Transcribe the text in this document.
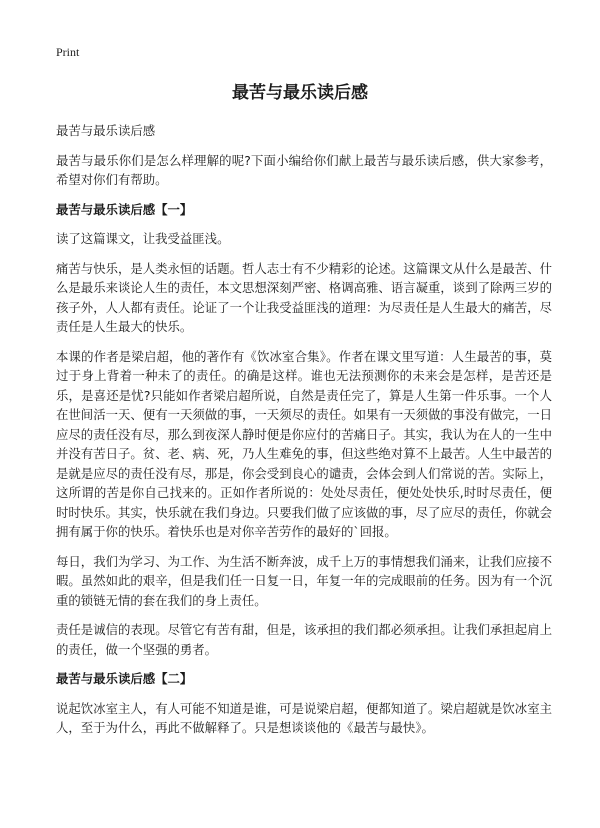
Print
最苦与最乐读后感

最苦与最乐读后感

最苦与最乐你们是怎么样理解的呢?下面小编给你们献上最苦与最乐读后感，供大家参考，希望对你们有帮助。

最苦与最乐读后感【一】

读了这篇课文，让我受益匪浅。

痛苦与快乐，是人类永恒的话题。哲人志士有不少精彩的论述。这篇课文从什么是最苦、什么是最乐来谈论人生的责任，本文思想深刻严密、格调高雅、语言凝重，谈到了除两三岁的孩子外，人人都有责任。论证了一个让我受益匪浅的道理：为尽责任是人生最大的痛苦，尽责任是人生最大的快乐。

本课的作者是梁启超，他的著作有《饮冰室合集》。作者在课文里写道：人生最苦的事，莫过于身上背着一种未了的责任。的确是这样。谁也无法预测你的未来会是怎样，是苦还是乐，是喜还是忧?只能如作者梁启超所说，自然是责任完了，算是人生第一件乐事。一个人在世间活一天、便有一天须做的事，一天须尽的责任。如果有一天须做的事没有做完，一日应尽的责任没有尽，那么到夜深人静时便是你应付的苦痛日子。其实，我认为在人的一生中并没有苦日子。贫、老、病、死，乃人生难免的事，但这些绝对算不上最苦。人生中最苦的是就是应尽的责任没有尽，那是，你会受到良心的谴责，会体会到人们常说的苦。实际上，这所谓的苦是你自己找来的。正如作者所说的：处处尽责任，便处处快乐,时时尽责任，便时时快乐。其实，快乐就在我们身边。只要我们做了应该做的事，尽了应尽的责任，你就会拥有属于你的快乐。着快乐也是对你辛苦劳作的最好的`回报。

每日，我们为学习、为工作、为生活不断奔波，成千上万的事情想我们涌来，让我们应接不暇。虽然如此的艰辛，但是我们任一日复一日，年复一年的完成眼前的任务。因为有一个沉重的锁链无情的套在我们的身上责任。

责任是诚信的表现。尽管它有苦有甜，但是，该承担的我们都必须承担。让我们承担起肩上的责任，做一个坚强的勇者。

最苦与最乐读后感【二】

说起饮冰室主人，有人可能不知道是谁，可是说梁启超，便都知道了。梁启超就是饮冰室主人，至于为什么，再此不做解释了。只是想谈谈他的《最苦与最快》。
